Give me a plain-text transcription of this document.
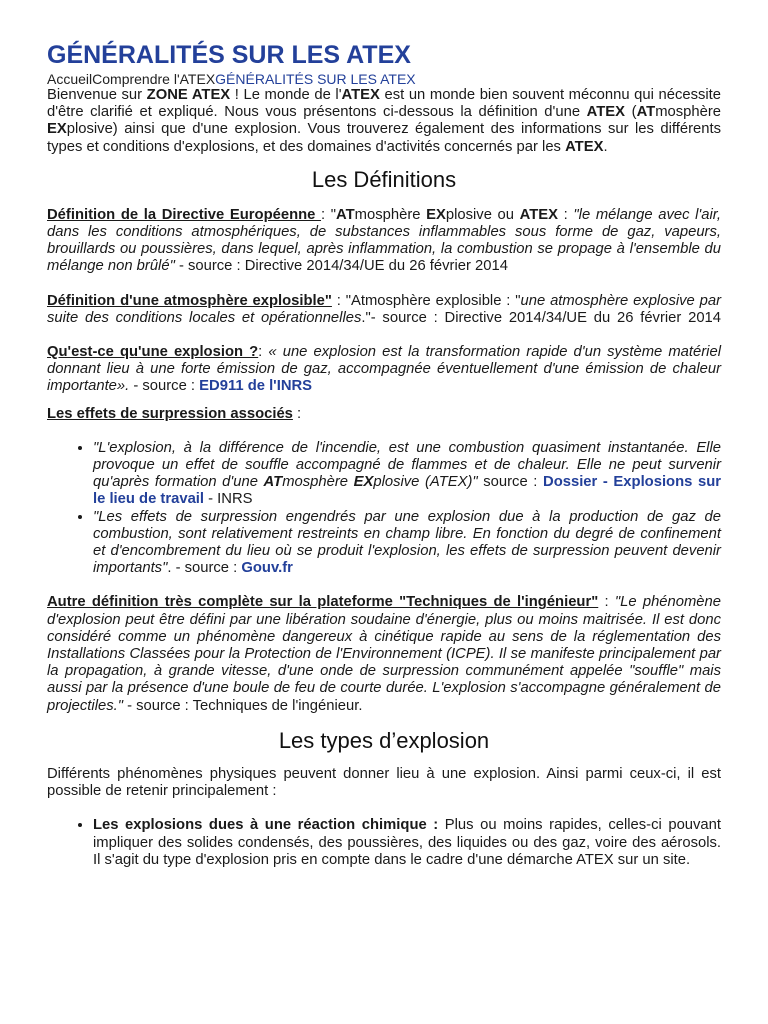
GÉNÉRALITÉS SUR LES ATEX
AccueilComprendre l'ATEXGÉNÉRALITÉS SUR LES ATEX

Bienvenue sur ZONE ATEX ! Le monde de l'ATEX est un monde bien souvent méconnu qui nécessite d'être clarifié et expliqué. Nous vous présentons ci-dessous la définition d'une ATEX (ATmosphère EXplosive) ainsi que d'une explosion. Vous trouverez également des informations sur les différents types et conditions d'explosions, et des domaines d'activités concernés par les ATEX.

Les Définitions

Définition de la Directive Européenne : "ATmosphère EXplosive ou ATEX : "le mélange avec l'air, dans les conditions atmosphériques, de substances inflammables sous forme de gaz, vapeurs, brouillards ou poussières, dans lequel, après inflammation, la combustion se propage à l'ensemble du mélange non brûlé" - source : Directive 2014/34/UE du 26 février 2014

Définition d'une atmosphère explosible" : "Atmosphère explosible : "une atmosphère explosive par suite des conditions locales et opérationnelles."- source : Directive 2014/34/UE du 26 février 2014

Qu'est-ce qu'une explosion ?: « une explosion est la transformation rapide d'un système matériel donnant lieu à une forte émission de gaz, accompagnée éventuellement d'une émission de chaleur importante». - source : ED911 de l'INRS

Les effets de surpression associés :

• "L'explosion, à la différence de l'incendie, est une combustion quasiment instantanée. Elle provoque un effet de souffle accompagné de flammes et de chaleur. Elle ne peut survenir qu'après formation d'une ATmosphère EXplosive (ATEX)" source : Dossier - Explosions sur le lieu de travail - INRS
• "Les effets de surpression engendrés par une explosion due à la production de gaz de combustion, sont relativement restreints en champ libre. En fonction du degré de confinement et d'encombrement du lieu où se produit l'explosion, les effets de surpression peuvent devenir importants". - source : Gouv.fr

Autre définition très complète sur la plateforme "Techniques de l'ingénieur" : "Le phénomène d'explosion peut être défini par une libération soudaine d'énergie, plus ou moins maitrisée. Il est donc considéré comme un phénomène dangereux à cinétique rapide au sens de la réglementation des Installations Classées pour la Protection de l'Environnement (ICPE). Il se manifeste principalement par la propagation, à grande vitesse, d'une onde de surpression communément appelée "souffle" mais aussi par la présence d'une boule de feu de courte durée. L'explosion s'accompagne généralement de projectiles." - source : Techniques de l'ingénieur.

Les types d’explosion

Différents phénomènes physiques peuvent donner lieu à une explosion. Ainsi parmi ceux-ci, il est possible de retenir principalement :

• Les explosions dues à une réaction chimique : Plus ou moins rapides, celles-ci pouvant impliquer des solides condensés, des poussières, des liquides ou des gaz, voire des aérosols. Il s'agit du type d'explosion pris en compte dans le cadre d'une démarche ATEX sur un site.
